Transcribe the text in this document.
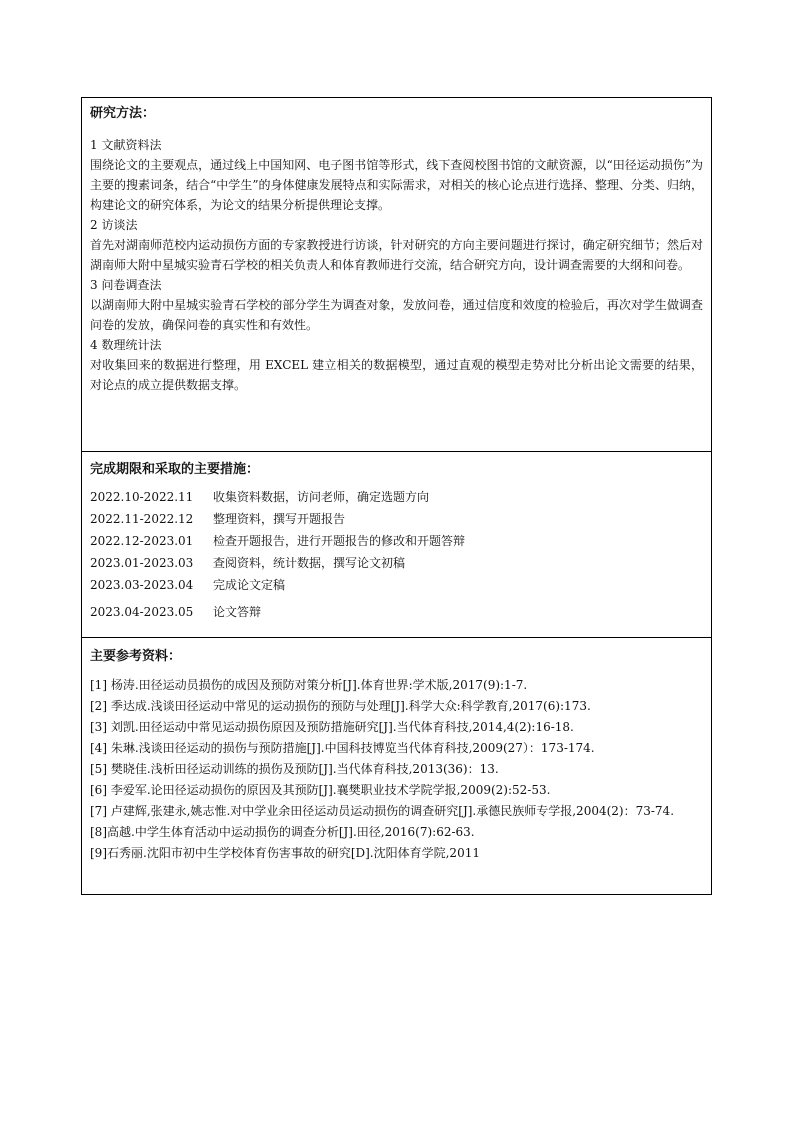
研究方法：

1 文献资料法
围绕论文的主要观点，通过线上中国知网、电子图书馆等形式，线下查阅校图书馆的文献资源，以“田径运动损伤”为主要的搜素词条，结合“中学生”的身体健康发展特点和实际需求，对相关的核心论点进行选择、整理、分类、归纳，构建论文的研究体系，为论文的结果分析提供理论支撑。
2 访谈法
首先对湖南师范校内运动损伤方面的专家教授进行访谈，针对研究的方向主要问题进行探讨，确定研究细节；然后对湖南师大附中星城实验青石学校的相关负责人和体育教师进行交流，结合研究方向，设计调查需要的大纲和问卷。
3 问卷调查法
以湖南师大附中星城实验青石学校的部分学生为调查对象，发放问卷，通过信度和效度的检验后，再次对学生做调查问卷的发放，确保问卷的真实性和有效性。
4 数理统计法
对收集回来的数据进行整理，用 EXCEL 建立相关的数据模型，通过直观的模型走势对比分析出论文需要的结果，对论点的成立提供数据支撑。

完成期限和采取的主要措施：

2022.10-2022.11	收集资料数据，访问老师，确定选题方向
2022.11-2022.12	整理资料，撰写开题报告
2022.12-2023.01	检查开题报告，进行开题报告的修改和开题答辩
2023.01-2023.03	查阅资料，统计数据，撰写论文初稿
2023.03-2023.04	完成论文定稿
2023.04-2023.05	论文答辩

主要参考资料：

[1] 杨涛.田径运动员损伤的成因及预防对策分析[J].体育世界:学术版,2017(9):1-7.
[2] 季达成.浅谈田径运动中常见的运动损伤的预防与处理[J].科学大众:科学教育,2017(6):173.
[3] 刘凯.田径运动中常见运动损伤原因及预防措施研究[J].当代体育科技,2014,4(2):16-18.
[4] 朱琳.浅谈田径运动的损伤与预防措施[J].中国科技博览当代体育科技,2009(27）：173-174.
[5] 樊晓佳.浅析田径运动训练的损伤及预防[J].当代体育科技,2013(36)：13.
[6] 李爱军.论田径运动损伤的原因及其预防[J].襄樊职业技术学院学报,2009(2):52-53.
[7] 卢建辉,张建永,姚志惟.对中学业余田径运动员运动损伤的调查研究[J].承德民族师专学报,2004(2)：73-74.
[8]高越.中学生体育活动中运动损伤的调查分析[J].田径,2016(7):62-63.
[9]石秀丽.沈阳市初中生学校体育伤害事故的研究[D].沈阳体育学院,2011
